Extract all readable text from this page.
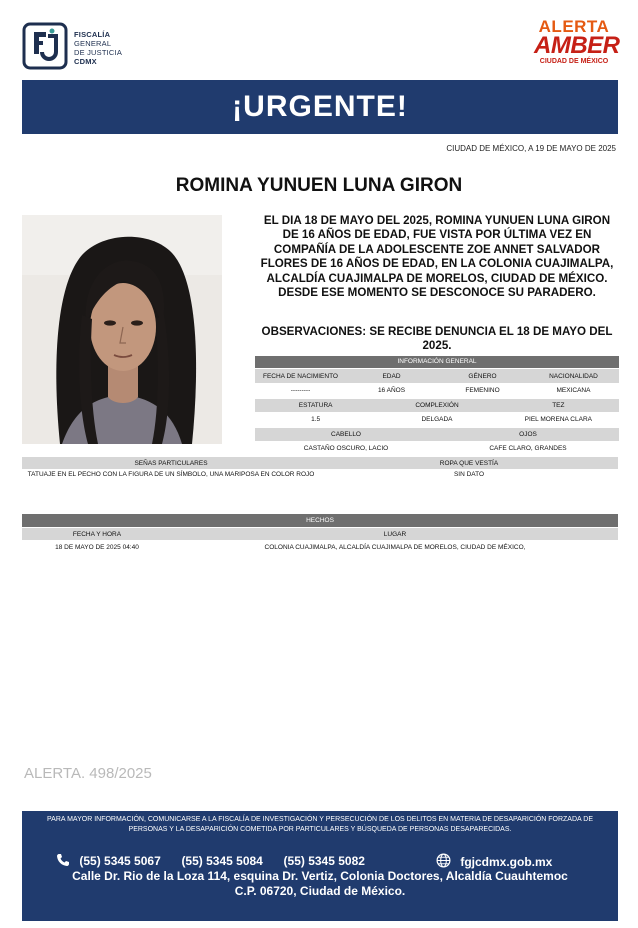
FISCALÍA
GENERAL
DE JUSTICIA
CDMX
ALERTA
AMBER
CIUDAD DE MÉXICO
¡URGENTE!
CIUDAD DE MÉXICO, A 19 DE MAYO DE 2025
ROMINA YUNUEN LUNA GIRON
EL DIA 18 DE MAYO DEL 2025, ROMINA YUNUEN LUNA GIRON DE 16 AÑOS DE EDAD, FUE VISTA POR ÚLTIMA VEZ EN COMPAÑÍA DE LA ADOLESCENTE ZOE ANNET SALVADOR FLORES DE 16 AÑOS DE EDAD, EN LA COLONIA CUAJIMALPA, ALCALDÍA CUAJIMALPA DE MORELOS, CIUDAD DE MÉXICO. DESDE ESE MOMENTO SE DESCONOCE SU PARADERO.
OBSERVACIONES: SE RECIBE DENUNCIA EL 18 DE MAYO DEL 2025.
INFORMACIÓN GENERAL
FECHA DE NACIMIENTO	EDAD	GÉNERO	NACIONALIDAD
---------	16 AÑOS	FEMENINO	MEXICANA
ESTATURA	COMPLEXIÓN	TEZ
1.5	DELGADA	PIEL MORENA CLARA
CABELLO	OJOS
CASTAÑO OSCURO, LACIO	CAFE CLARO, GRANDES
SEÑAS PARTICULARES	ROPA QUE VESTÍA
TATUAJE EN EL PECHO CON LA FIGURA DE UN SÍMBOLO, UNA MARIPOSA EN COLOR ROJO	SIN DATO
HECHOS
FECHA Y HORA	LUGAR
18 DE MAYO DE 2025 04:40	COLONIA CUAJIMALPA, ALCALDÍA CUAJIMALPA DE MORELOS, CIUDAD DE MÉXICO,
ALERTA. 498/2025
PARA MAYOR INFORMACIÓN, COMUNICARSE A LA FISCALÍA DE INVESTIGACIÓN Y PERSECUCIÓN DE LOS DELITOS EN MATERIA DE DESAPARICIÓN FORZADA DE PERSONAS Y LA DESAPARICIÓN COMETIDA POR PARTICULARES Y BÚSQUEDA DE PERSONAS DESAPARECIDAS.
(55) 5345 5067 (55) 5345 5084 (55) 5345 5082	fgjcdmx.gob.mx
Calle Dr. Rio de la Loza 114, esquina Dr. Vertiz, Colonia Doctores, Alcaldía Cuauhtemoc
C.P. 06720, Ciudad de México.
